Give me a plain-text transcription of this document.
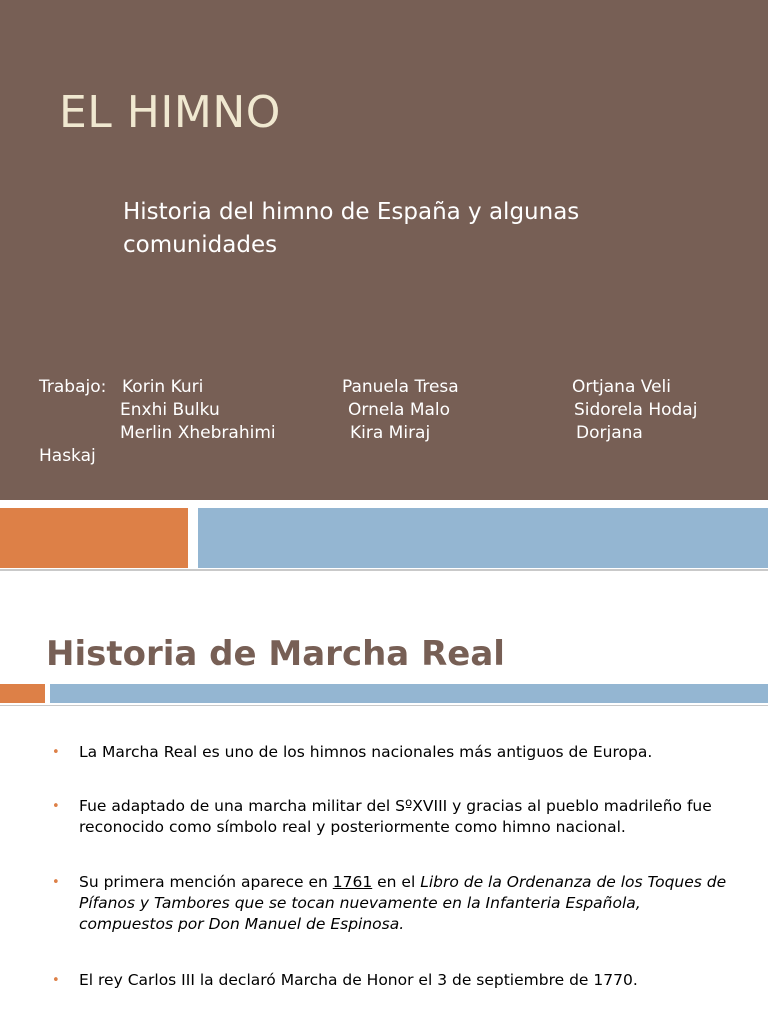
EL HIMNO
Historia del himno de España y algunas comunidades
Trabajo: Korin Kuri	Panuela Tresa	Ortjana Veli
Enxhi Bulku	Ornela Malo	Sidorela Hodaj
Merlin Xhebrahimi	Kira Miraj	Dorjana
Haskaj
Historia de Marcha Real
• La Marcha Real es uno de los himnos nacionales más antiguos de Europa.
• Fue adaptado de una marcha militar del SºXVIII y gracias al pueblo madrileño fue reconocido como símbolo real y posteriormente como himno nacional.
• Su primera mención aparece en 1761 en el Libro de la Ordenanza de los Toques de Pífanos y Tambores que se tocan nuevamente en la Infanteria Española, compuestos por Don Manuel de Espinosa.
• El rey Carlos III la declaró Marcha de Honor el 3 de septiembre de 1770.
